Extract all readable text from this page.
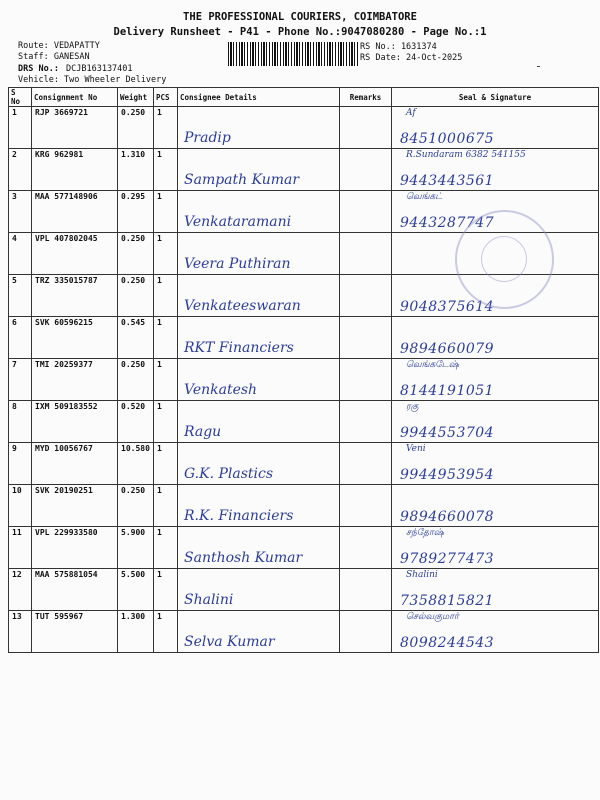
THE PROFESSIONAL COURIERS, COIMBATORE
Delivery Runsheet - P41 - Phone No.:9047080280 - Page No.:1
Route: VEDAPATTY
Staff: GANESAN
DRS No.: DCJB163137401
Vehicle: Two Wheeler Delivery
RS No.: 1631374
RS Date: 24-Oct-2025
S No	Consignment No	Weight	PCS	Consignee Details	Remarks	Seal & Signature
1	RJP 3669721	0.250	1	Pradip		Af
8451000675

2	KRG 962981	1.310	1	Sampath Kumar		R.Sundaram 6382 541155
9443443561

3	MAA 577148906	0.295	1	Venkataramani		வெங்கட்
9443287747

4	VPL 407802045	0.250	1	Veera Puthiran		

5	TRZ 335015787	0.250	1	Venkateeswaran		9048375614

6	SVK 60596215	0.545	1	RKT Financiers		9894660079

7	TMI 20259377	0.250	1	Venkatesh		வெங்கடேஷ்
8144191051

8	IXM 509183552	0.520	1	Ragu		ரகு
9944553704

9	MYD 10056767	10.580	1	G.K. Plastics		Veni
9944953954

10	SVK 20190251	0.250	1	R.K. Financiers		9894660078

11	VPL 229933580	5.900	1	Santhosh Kumar		சந்தோஷ்
9789277473

12	MAA 575881054	5.500	1	Shalini		Shalini
7358815821

13	TUT 595967	1.300	1	Selva Kumar		செல்வகுமார்
8098244543
